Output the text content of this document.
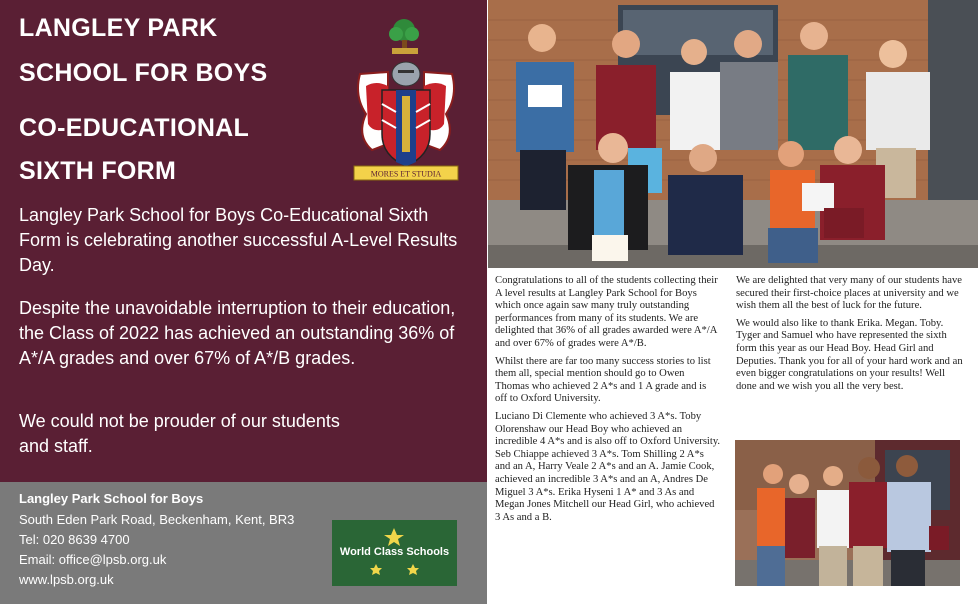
LANGLEY PARK
SCHOOL FOR BOYS
CO-EDUCATIONAL
SIXTH FORM	MORES ET STUDIA

Langley Park School for Boys Co-Educational Sixth Form is celebrating another successful A-Level Results Day.

Despite the unavoidable interruption to their education, the Class of 2022 has achieved an outstanding 36% of A*/A grades and over 67% of A*/B grades.

We could not be prouder of our students and staff.

Langley Park School for Boys

South Eden Park Road, Beckenham, Kent, BR3

Tel: 020 8639 4700

Email: office@lpsb.org.uk

www.lpsb.org.uk

World Class Schools

Congratulations to all of the students collecting their A level results at Langley Park School for Boys which once again saw many truly outstanding performances from many of its students. We are delighted that 36% of all grades awarded were A*/A and over 67% of grades were A*/B.

Whilst there are far too many success stories to list them all, special mention should go to Owen Thomas who achieved 2 A*s and 1 A grade and is off to Oxford University.

Luciano Di Clemente who achieved 3 A*s. Toby Olorenshaw our Head Boy who achieved an incredible 4 A*s and is also off to Oxford University. Seb Chiappe achieved 3 A*s. Tom Shilling 2 A*s and an A, Harry Veale 2 A*s and an A. Jamie Cook, achieved an incredible 3 A*s and an A, Andres De Miguel 3 A*s. Erika Hyseni 1 A* and 3 As and Megan Jones Mitchell our Head Girl, who achieved 3 As and a B.

We are delighted that very many of our students have secured their first-choice places at university and we wish them all the best of luck for the future.

We would also like to thank Erika. Megan. Toby. Tyger and Samuel who have represented the sixth form this year as our Head Boy. Head Girl and Deputies. Thank you for all of your hard work and an even bigger congratulations on your results! Well done and we wish you all the very best.
